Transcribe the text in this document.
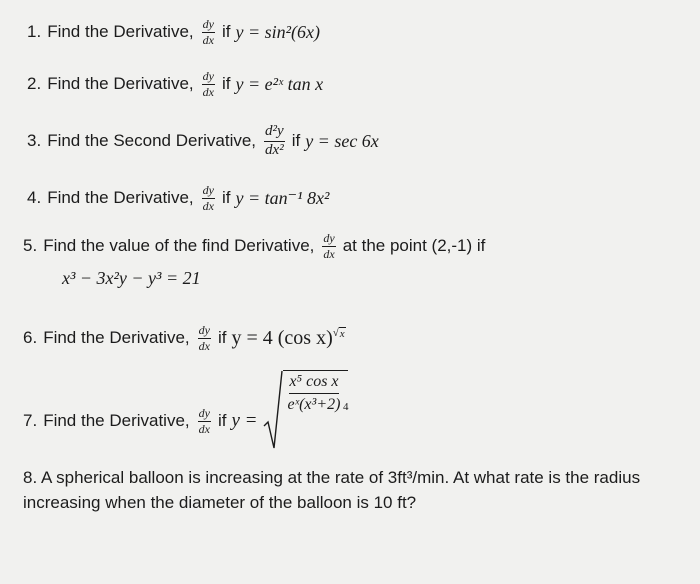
1. Find the Derivative, $\frac{dy}{dx}$ if y = sin²(6x)
2. Find the Derivative, $\frac{dy}{dx}$ if y = e²ˣ tan x
3. Find the Second Derivative, $\frac{\text{d²y}}{\text{dx²}}$ if y = sec 6x
4. Find the Derivative, $\frac{dy}{dx}$ if y = tan⁻¹ 8x²
5. Find the value of the find Derivative, $\frac{dy}{dx}$ at the point (2,-1) if
x³ − 3x²y − y³ = 21
6. Find the Derivative, $\frac{dy}{dx}$ if y = 4 (cos x)√ x
7. Find the Derivative, $\frac{dy}{dx}$ if y =
x⁵ cos x
eˣ(x³+2) 4
8. A spherical balloon is increasing at the rate of 3ft³/min. At what rate is the radius increasing when the diameter of the balloon is 10 ft?
